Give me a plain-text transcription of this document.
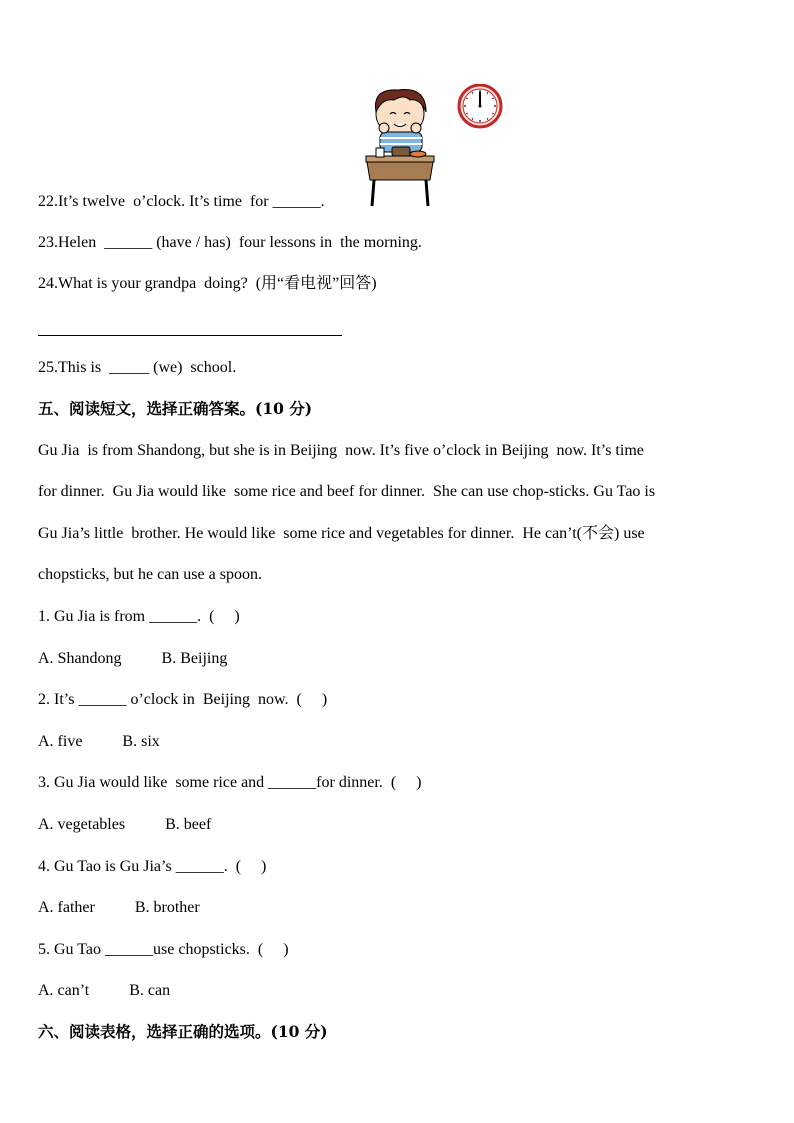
22.It’s twelve  o’clock. It’s time  for ______.
23.Helen  ______ (have / has)  four lessons in  the morning.
24.What is your grandpa  doing?  (用“看电视”回答)
25.This is  _____ (we)  school.
五、阅读短文，选择正确答案。(10 分)
Gu Jia  is from Shandong, but she is in Beijing  now. It’s five o’clock in Beijing  now. It’s time
for dinner.  Gu Jia would like  some rice and beef for dinner.  She can use chop-sticks. Gu Tao is
Gu Jia’s little  brother. He would like  some rice and vegetables for dinner.  He can’t(不会) use
chopsticks, but he can use a spoon.
1. Gu Jia is from ______.  (     )
A. Shandong          B. Beijing
2. It’s ______ o’clock in  Beijing  now.  (     )
A. five          B. six
3. Gu Jia would like  some rice and ______for dinner.  (     )
A. vegetables          B. beef
4. Gu Tao is Gu Jia’s ______.  (     )
A. father          B. brother
5. Gu Tao ______use chopsticks.  (     )
A. can’t          B. can
六、阅读表格，选择正确的选项。(10 分)
